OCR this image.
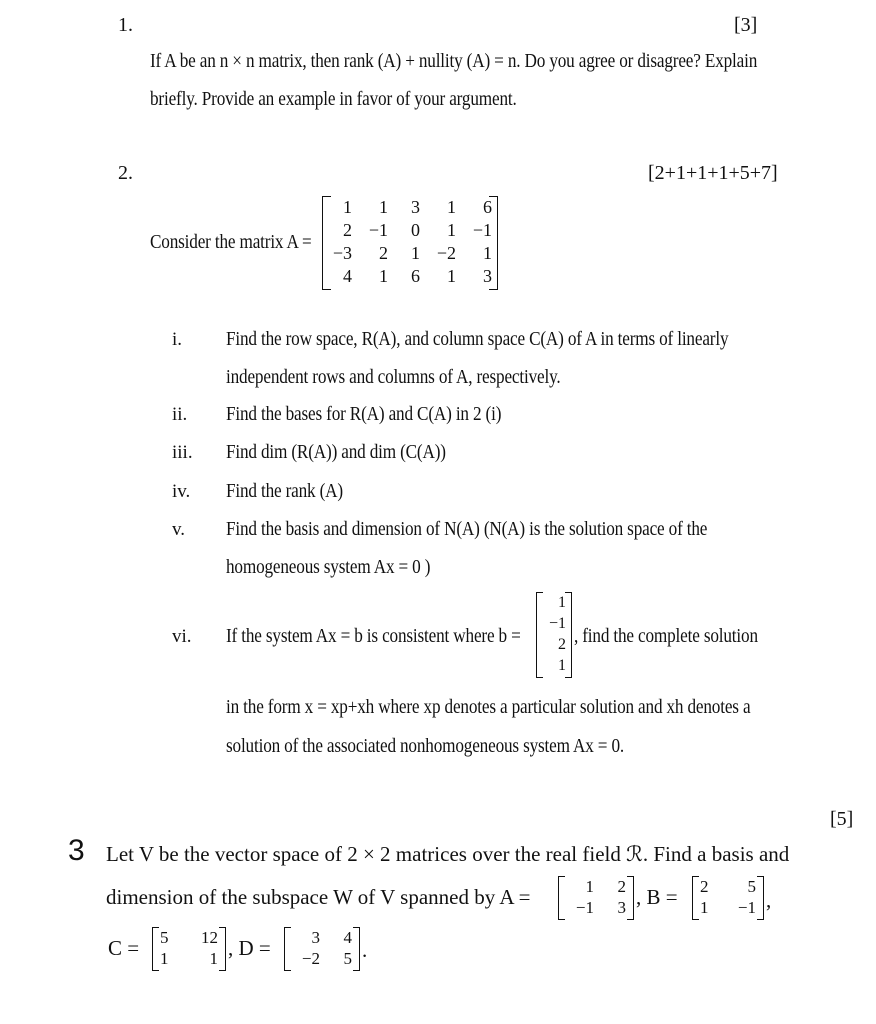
1.	[3]
If A be an n × n matrix, then rank (A) + nullity (A) = n. Do you agree or disagree? Explain
briefly. Provide an example in favor of your argument.
2.	[2+1+1+1+5+7]
Consider the matrix A =
1	1	3	1	6
2	−1	0	1	−1
−3	2	1	−2	1
4	1	6	1	3
i. Find the row space, R(A), and column space C(A) of A in terms of linearly
independent rows and columns of A, respectively.
ii. Find the bases for R(A) and C(A) in 2 (i)
iii. Find dim (R(A)) and dim (C(A))
iv. Find the rank (A)
v. Find the basis and dimension of N(A) (N(A) is the solution space of the
homogeneous system Ax = 0 )
vi. If the system Ax = b is consistent where b =
1
−1
2
1
, find the complete solution
in the form x = xp+xh where xp denotes a particular solution and xh denotes a
solution of the associated nonhomogeneous system Ax = 0.
[5]
3 Let V be the vector space of 2 × 2 matrices over the real field ℛ. Find a basis and
dimension of the subspace W of V spanned by A =	1	2
−1	3 , B = 2	5
1	−1 ,
C = 5	12
1	1 , D = 3	4
−2	5 .
